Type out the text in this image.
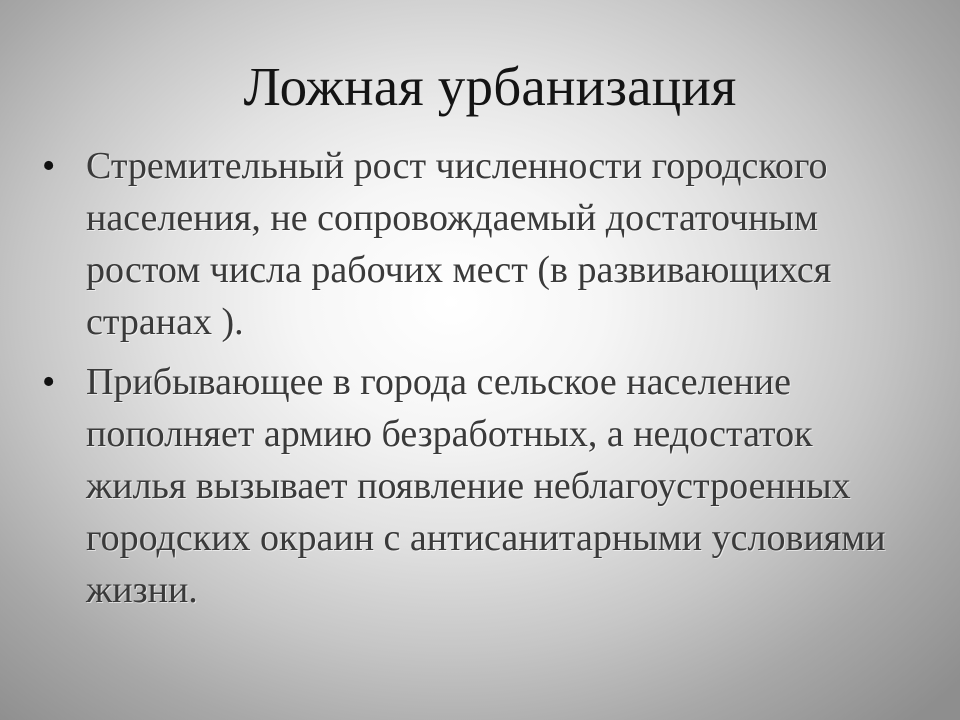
Ложная урбанизация
• Стремительный рост численности городского населения, не сопровождаемый достаточным ростом числа рабочих мест (в развивающихся странах ).
• Прибывающее в города сельское население пополняет армию безработных, а недостаток жилья вызывает появление неблагоустроенных городских окраин с антисанитарными условиями жизни.
